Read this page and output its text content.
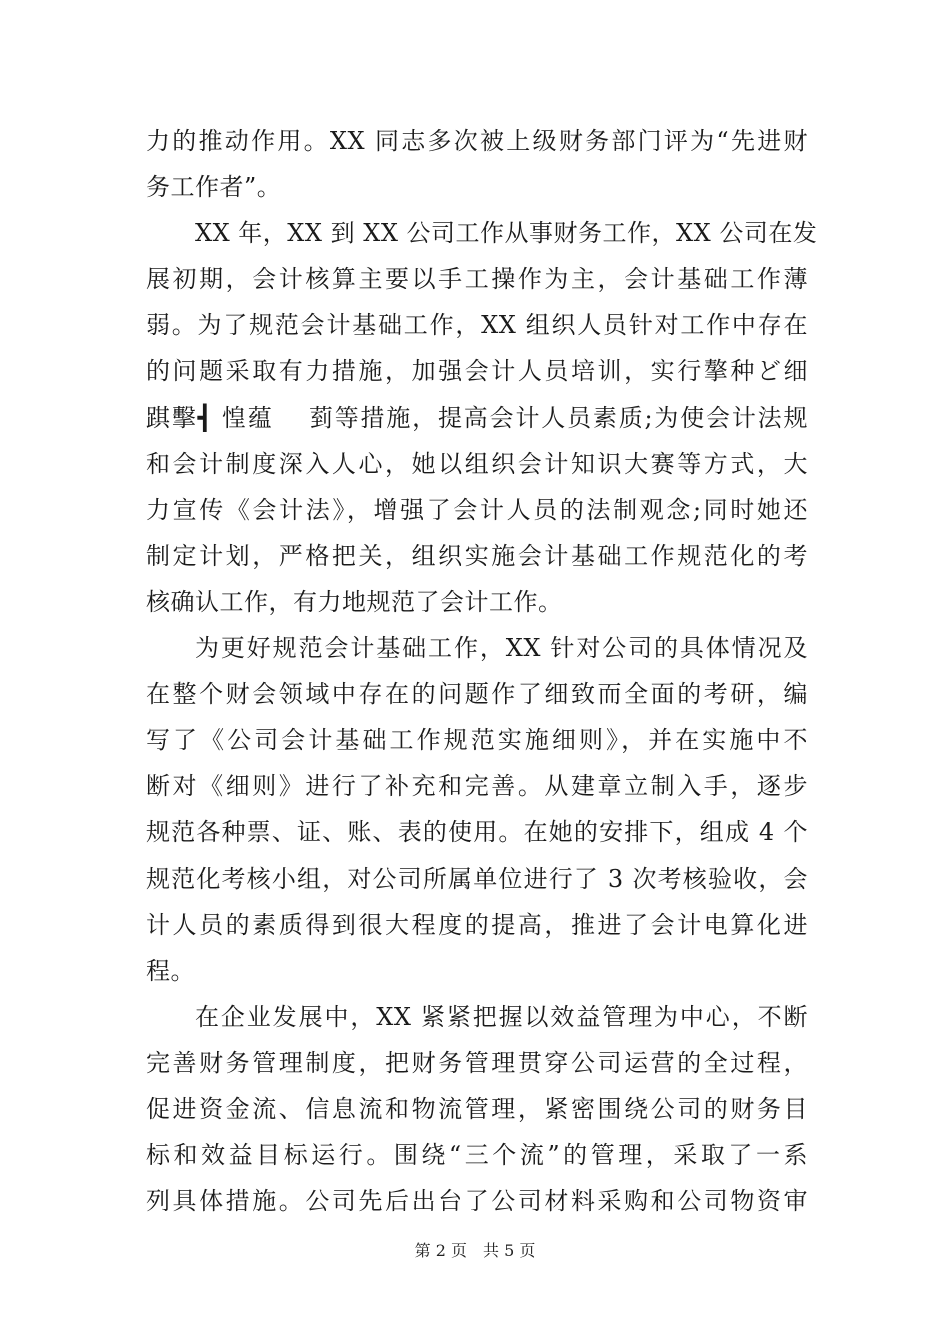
力的推动作用。XX 同志多次被上级财务部门评为“先进财
务工作者”。
XX 年，XX 到 XX 公司工作从事财务工作，XX 公司在发
展初期，会计核算主要以手工操作为主，会计基础工作薄
弱。为了规范会计基础工作，XX 组织人员针对工作中存在
的问题采取有力措施，加强会计人员培训，实行摮种ど细
踑擊┫ 惶蕴　 菿等措施，提高会计人员素质;为使会计法规
和会计制度深入人心，她以组织会计知识大赛等方式，大
力宣传《会计法》，增强了会计人员的法制观念;同时她还
制定计划，严格把关，组织实施会计基础工作规范化的考
核确认工作，有力地规范了会计工作。
为更好规范会计基础工作，XX 针对公司的具体情况及
在整个财会领域中存在的问题作了细致而全面的考研，编
写了《公司会计基础工作规范实施细则》，并在实施中不
断对《细则》进行了补充和完善。从建章立制入手，逐步
规范各种票、证、账、表的使用。在她的安排下，组成 4 个
规范化考核小组，对公司所属单位进行了 3 次考核验收，会
计人员的素质得到很大程度的提高，推进了会计电算化进
程。
在企业发展中，XX 紧紧把握以效益管理为中心，不断
完善财务管理制度，把财务管理贯穿公司运营的全过程，
促进资金流、信息流和物流管理，紧密围绕公司的财务目
标和效益目标运行。围绕“三个流”的管理，采取了一系
列具体措施。公司先后出台了公司材料采购和公司物资审
第 2 页　共 5 页
